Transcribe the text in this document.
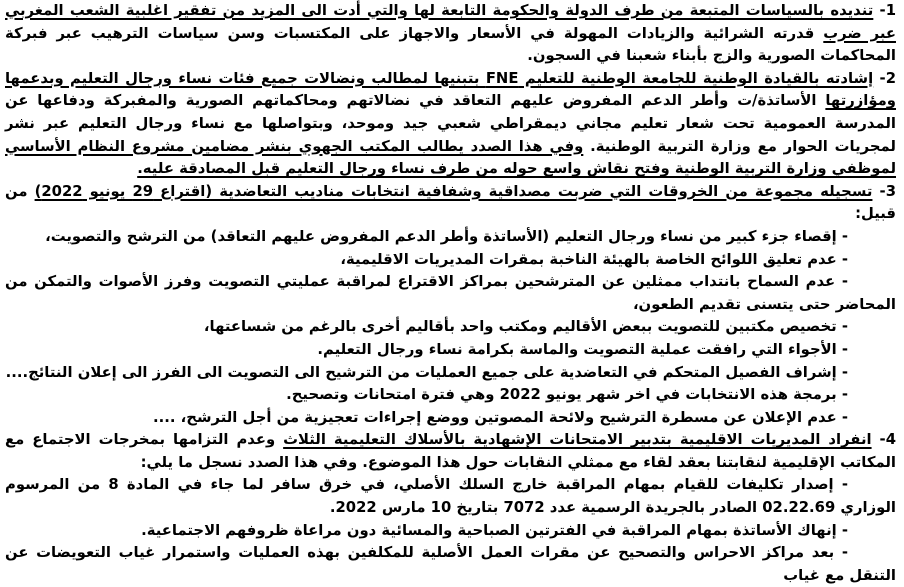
1- تنديده بالسياسات المتبعة من طرف الدولة والحكومة التابعة لها والتي أدت الى المزيد من تفقير اغلبية الشعب المغربي عبر ضرب قدرته الشرائية والزيادات المهولة في الأسعار والاجهاز على المكتسبات وسن سياسات الترهيب عبر فبركة المحاكمات الصورية والزج بأبناء شعبنا في السجون.

2- إشادته بالقيادة الوطنية للجامعة الوطنية للتعليم FNE بتبنيها لمطالب ونضالات جميع فئات نساء ورجال التعليم وبدعمها ومؤازرتها الأساتذة/ت وأطر الدعم المفروض عليهم التعاقد في نضالاتهم ومحاكماتهم الصورية والمفبركة ودفاعها عن المدرسة العمومية تحت شعار تعليم مجاني ديمقراطي شعبي جيد وموحد، وبتواصلها مع نساء ورجال التعليم عبر نشر لمجريات الحوار مع وزارة التربية الوطنية. وفي هذا الصدد يطالب المكتب الجهوي بنشر مضامين مشروع النظام الأساسي لموظفي وزارة التربية الوطنية وفتح نقاش واسع حوله من طرف نساء ورجال التعليم قبل المصادقة عليه.

3- تسجيله مجموعة من الخروقات التي ضربت مصداقية وشفافية انتخابات مناديب التعاضدية (اقتراع 29 يونيو 2022) من قبيل:

- إقصاء جزء كبير من نساء ورجال التعليم (الأساتذة وأطر الدعم المفروض عليهم التعاقد) من الترشح والتصويت،

- عدم تعليق اللوائح الخاصة بالهيئة الناخبة بمقرات المديريات الاقليمية،

- عدم السماح بانتداب ممثلين عن المترشحين بمراكز الاقتراع لمراقبة عمليتي التصويت وفرز الأصوات والتمكن من المحاضر حتى يتسنى تقديم الطعون،

- تخصيص مكتبين للتصويت ببعض الأقاليم ومكتب واحد بأقاليم أخرى بالرغم من شساعتها،

- الأجواء التي رافقت عملية التصويت والماسة بكرامة نساء ورجال التعليم.

- إشراف الفصيل المتحكم في التعاضدية على جميع العمليات من الترشيح الى التصويت الى الفرز الى إعلان النتائج....

- برمجة هذه الانتخابات في اخر شهر يونيو 2022 وهي فترة امتحانات وتصحيح.

- عدم الإعلان عن مسطرة الترشيح ولائحة المصوتين ووضع إجراءات تعجيزية من أجل الترشح، ....

4- انفراد المديريات الاقليمية بتدبير الامتحانات الإشهادية بالأسلاك التعليمية الثلاث وعدم التزامها بمخرجات الاجتماع مع المكاتب الإقليمية لنقابتنا بعقد لقاء مع ممثلي النقابات حول هذا الموضوع. وفي هذا الصدد نسجل ما يلي:

- إصدار تكليفات للقيام بمهام المراقبة خارج السلك الأصلي، في خرق سافر لما جاء في المادة 8 من المرسوم الوزاري 02.22.69 الصادر بالجريدة الرسمية عدد 7072 بتاريخ 10 مارس 2022.

- إنهاك الأساتذة بمهام المراقبة في الفترتين الصباحية والمسائية دون مراعاة ظروفهم الاجتماعية.

- بعد مراكز الاحراس والتصحيح عن مقرات العمل الأصلية للمكلفين بهذه العمليات واستمرار غياب التعويضات عن التنقل مع غياب
